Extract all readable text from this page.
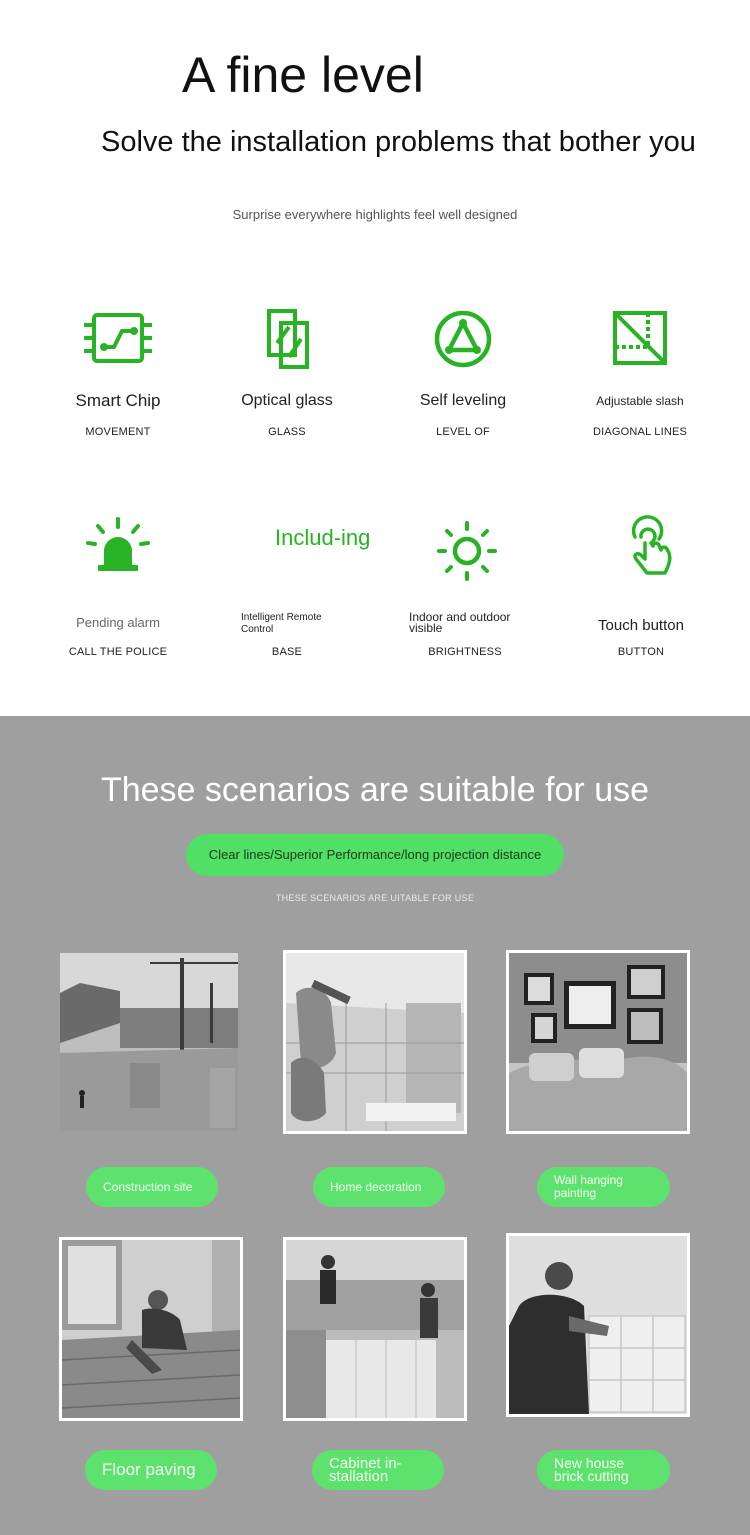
A fine level
Solve the installation problems that bother you
Surprise everywhere highlights feel well designed
Smart Chip
MOVEMENT
Optical glass
GLASS
Self leveling
LEVEL OF
Adjustable slash
DIAGONAL LINES
Pending alarm
CALL THE POLICE
Includ-ing
Intelligent Remote Control
BASE
Indoor and outdoor visible
BRIGHTNESS
Touch button
BUTTON
These scenarios are suitable for use
Clear lines/Superior Performance/long projection distance
THESE SCENARIOS ARE UITABLE FOR USE
Construction site	Home decoration	Wall hanging painting
Floor paving	Cabinet in-stallation
New house brick cutting
